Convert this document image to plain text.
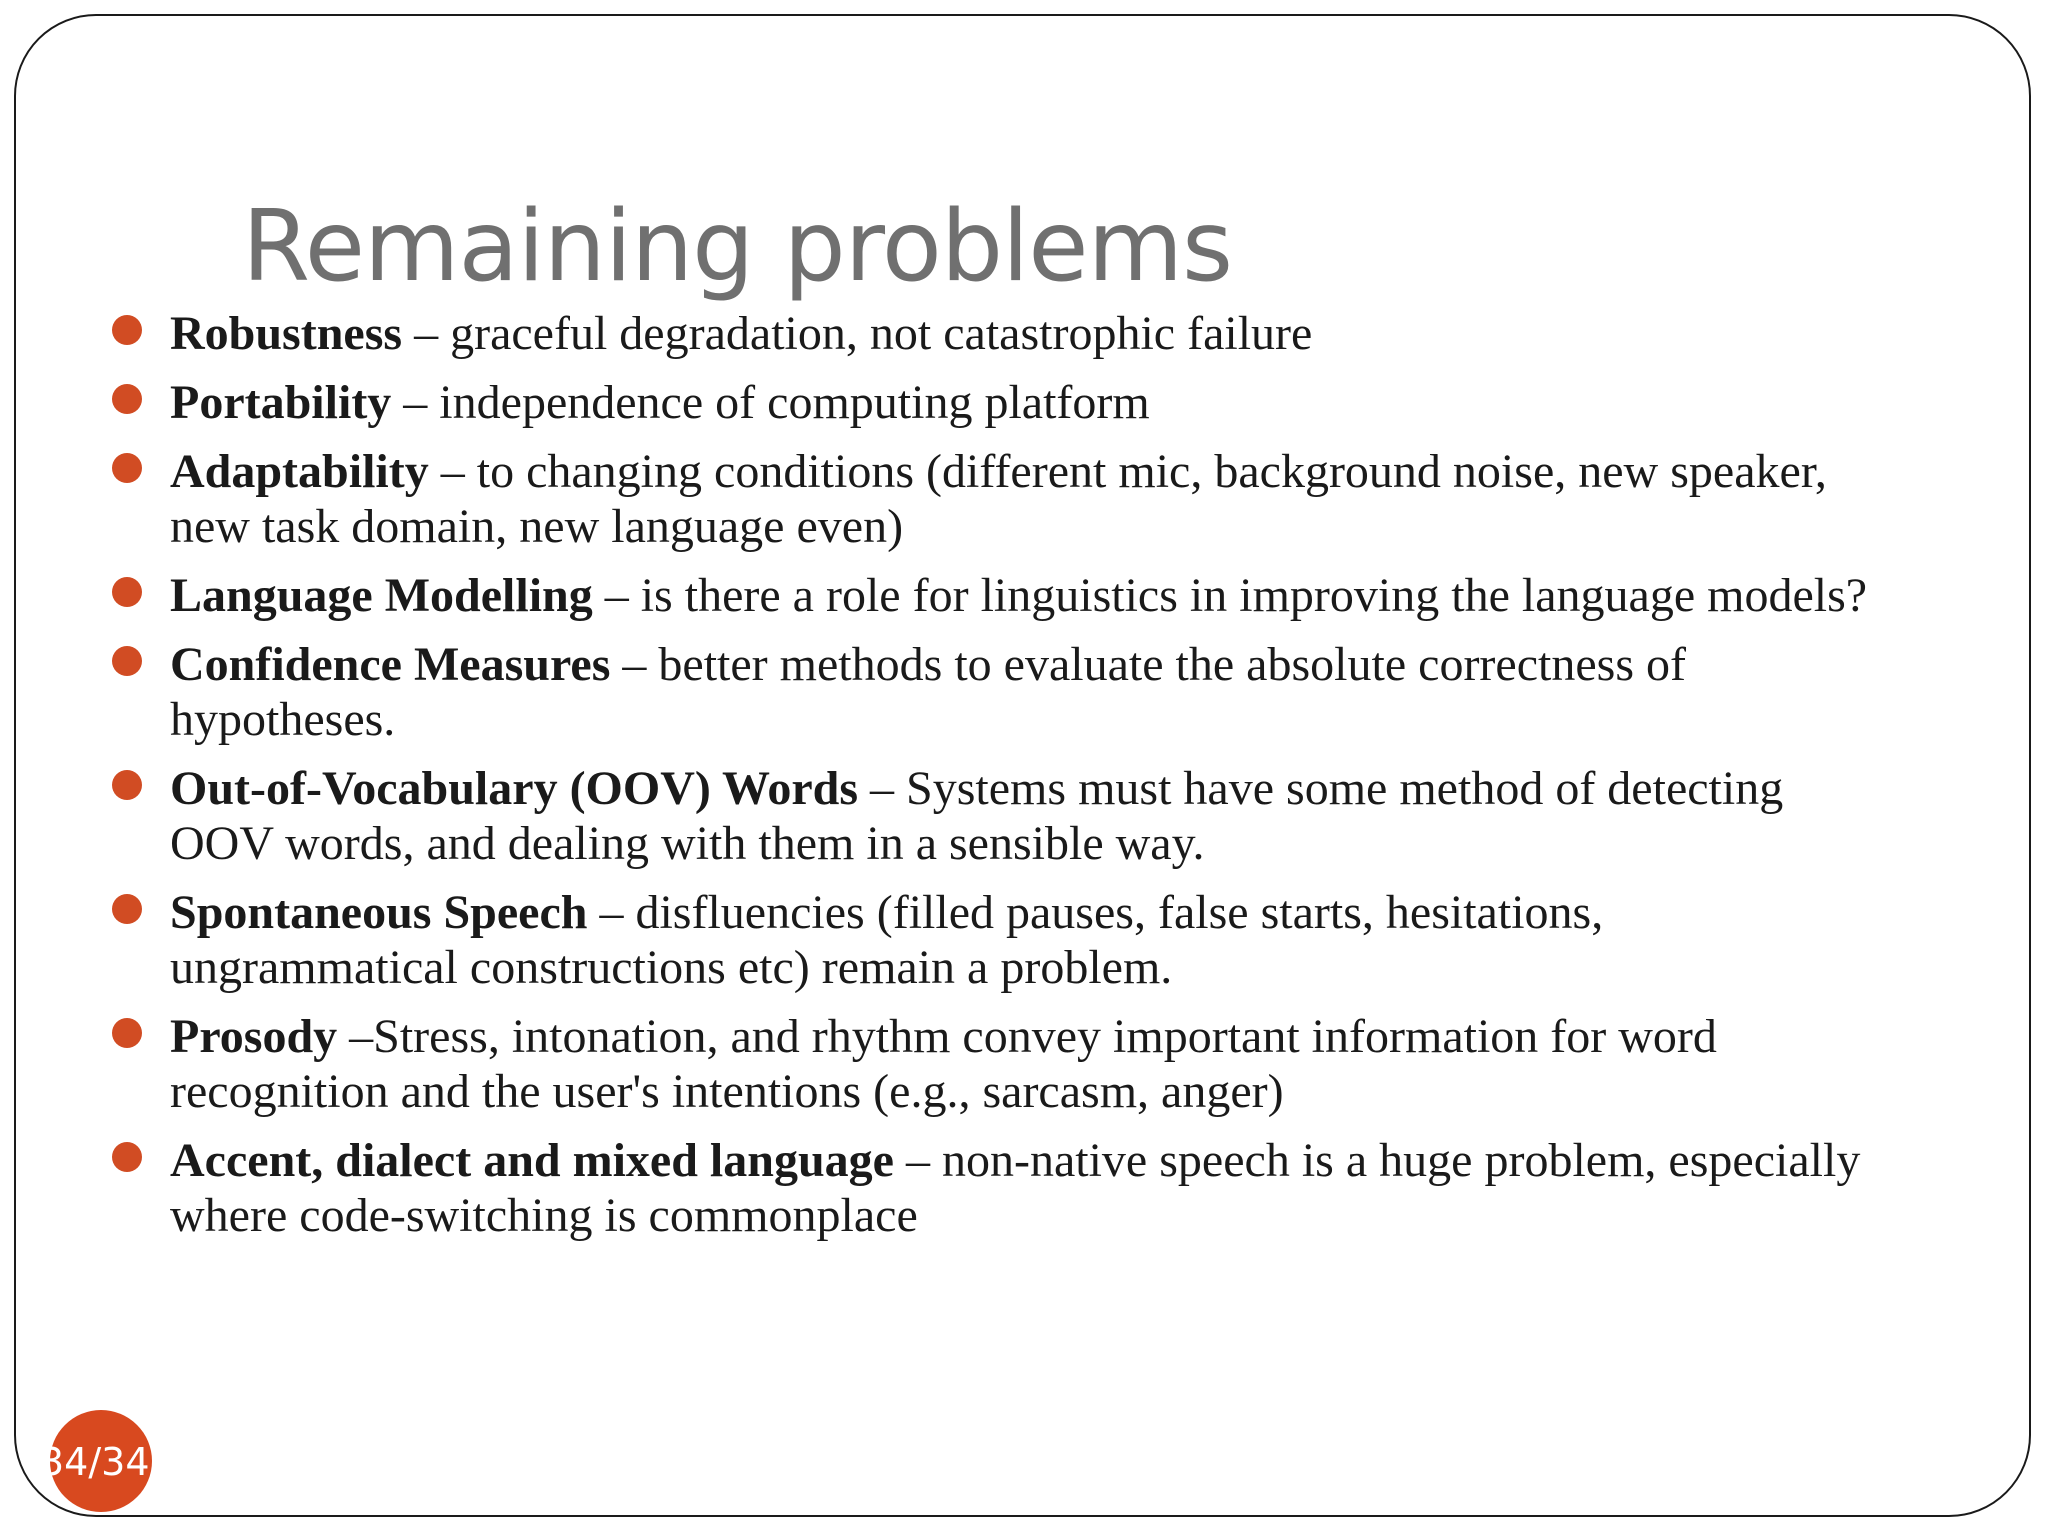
Remaining problems
Robustness – graceful degradation, not catastrophic failure
Portability – independence of computing platform
Adaptability – to changing conditions (different mic, background noise, new speaker, new task domain, new language even)
Language Modelling – is there a role for linguistics in improving the language models?
Confidence Measures – better methods to evaluate the absolute correctness of hypotheses.
Out-of-Vocabulary (OOV) Words – Systems must have some method of detecting OOV words, and dealing with them in a sensible way.
Spontaneous Speech – disfluencies (filled pauses, false starts, hesitations, ungrammatical constructions etc) remain a problem.
Prosody –Stress, intonation, and rhythm convey important information for word recognition and the user's intentions (e.g., sarcasm, anger)
Accent, dialect and mixed language – non-native speech is a huge problem, especially where code-switching is commonplace
34/34
